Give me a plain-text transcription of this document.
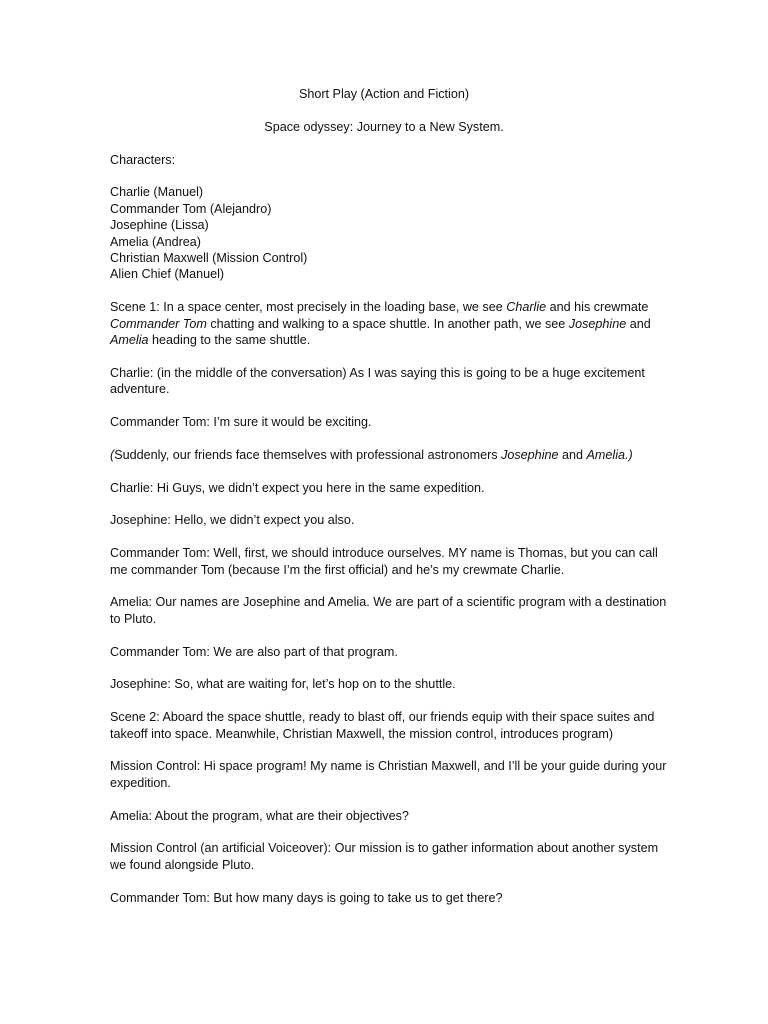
Short Play (Action and Fiction)

Space odyssey: Journey to a New System.

Characters:

Charlie (Manuel)
Commander Tom (Alejandro)
Josephine (Lissa)
Amelia (Andrea)
Christian Maxwell (Mission Control)
Alien Chief (Manuel)

Scene 1: In a space center, most precisely in the loading base, we see Charlie and his crewmate Commander Tom chatting and walking to a space shuttle. In another path, we see Josephine and Amelia heading to the same shuttle.

Charlie: (in the middle of the conversation) As I was saying this is going to be a huge excitement adventure.

Commander Tom: I’m sure it would be exciting.

(Suddenly, our friends face themselves with professional astronomers Josephine and Amelia.)

Charlie: Hi Guys, we didn’t expect you here in the same expedition.

Josephine: Hello, we didn’t expect you also.

Commander Tom: Well, first, we should introduce ourselves. MY name is Thomas, but you can call me commander Tom (because I’m the first official) and he’s my crewmate Charlie.

Amelia: Our names are Josephine and Amelia. We are part of a scientific program with a destination to Pluto.

Commander Tom: We are also part of that program.

Josephine: So, what are waiting for, let’s hop on to the shuttle.

Scene 2: Aboard the space shuttle, ready to blast off, our friends equip with their space suites and takeoff into space. Meanwhile, Christian Maxwell, the mission control, introduces program)

Mission Control: Hi space program! My name is Christian Maxwell, and I’ll be your guide during your expedition.

Amelia: About the program, what are their objectives?

Mission Control (an artificial Voiceover): Our mission is to gather information about another system we found alongside Pluto.

Commander Tom: But how many days is going to take us to get there?
